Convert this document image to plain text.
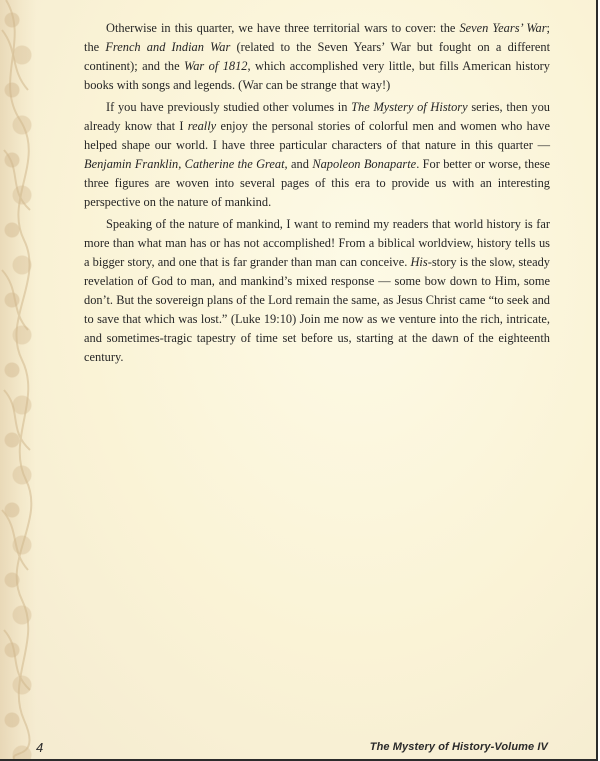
Otherwise in this quarter, we have three territorial wars to cover: the Seven Years’ War; the French and Indian War (related to the Seven Years’ War but fought on a different continent); and the War of 1812, which accomplished very little, but fills American history books with songs and legends. (War can be strange that way!)

If you have previously studied other volumes in The Mystery of History series, then you already know that I really enjoy the personal stories of colorful men and women who have helped shape our world. I have three particular characters of that nature in this quarter — Benjamin Franklin, Catherine the Great, and Napoleon Bonaparte. For better or worse, these three figures are woven into several pages of this era to provide us with an interesting perspective on the nature of mankind.

Speaking of the nature of mankind, I want to remind my readers that world history is far more than what man has or has not accomplished! From a biblical worldview, history tells us a bigger story, and one that is far grander than man can conceive. His-story is the slow, steady revelation of God to man, and mankind’s mixed response — some bow down to Him, some don’t. But the sovereign plans of the Lord remain the same, as Jesus Christ came “to seek and to save that which was lost.” (Luke 19:10) Join me now as we venture into the rich, intricate, and sometimes-tragic tapestry of time set before us, starting at the dawn of the eighteenth century.

4	The Mystery of History-Volume IV
